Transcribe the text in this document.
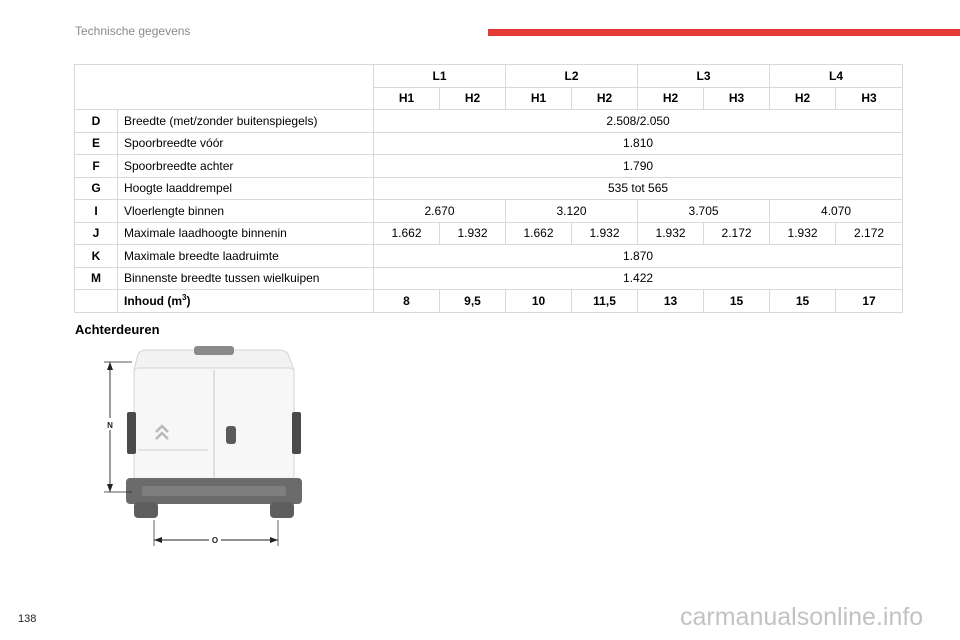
Technische gegevens
		L1		L2		L3		L4	
		H1	H2	H1	H2	H2	H3	H2	H3
D	Breedte (met/zonder buitenspiegels)	2.508/2.050							
E	Spoorbreedte vóór	1.810							
F	Spoorbreedte achter	1.790							
G	Hoogte laaddrempel	535 tot 565							
I	Vloerlengte binnen	2.670		3.120		3.705		4.070	
J	Maximale laadhoogte binnenin	1.662	1.932	1.662	1.932	1.932	2.172	1.932	2.172
K	Maximale breedte laadruimte	1.870							
M	Binnenste breedte tussen wielkuipen	1.422							
	Inhoud $(m^3)$	8	9,5	10	11,5	13	15	15	17
Achterdeuren
N
O
138	carmanualsonline.info
